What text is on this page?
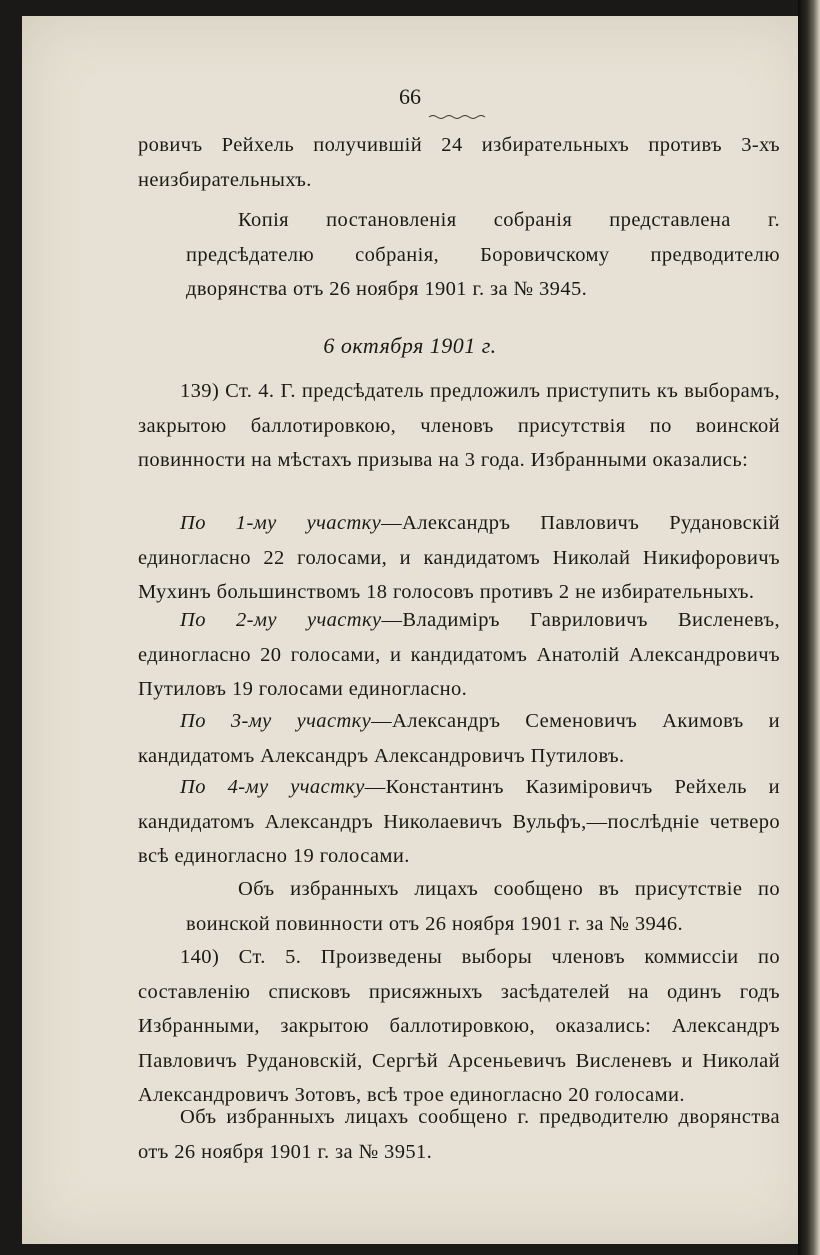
66

ровичъ Рейхель получившій 24 избирательныхъ противъ 3-хъ неизбирательныхъ.

Копія постановленія собранія представлена г. предсѣдателю собранія, Боровичскому предводителю дворянства отъ 26 ноября 1901 г. за № 3945.

6 октября 1901 г.

139) Ст. 4. Г. предсѣдатель предложилъ приступить къ выборамъ, закрытою баллотировкою, членовъ присутствія по воинской повинности на мѣстахъ призыва на 3 года. Избранными оказались:

По 1-му участку—Александръ Павловичъ Рудановскій единогласно 22 голосами, и кандидатомъ Николай Никифоровичъ Мухинъ большинствомъ 18 голосовъ противъ 2 не избирательныхъ.

По 2-му участку—Владиміръ Гавриловичъ Висленевъ, единогласно 20 голосами, и кандидатомъ Анатолій Александровичъ Путиловъ 19 голосами единогласно.

По 3-му участку—Александръ Семеновичъ Акимовъ и кандидатомъ Александръ Александровичъ Путиловъ.

По 4-му участку—Константинъ Казиміровичъ Рейхель и кандидатомъ Александръ Николаевичъ Вульфъ,—послѣдніе четверо всѣ единогласно 19 голосами.

Объ избранныхъ лицахъ сообщено въ присутствіе по воинской повинности отъ 26 ноября 1901 г. за № 3946.

140) Ст. 5. Произведены выборы членовъ коммиссіи по составленію списковъ присяжныхъ засѣдателей на одинъ годъ Избранными, закрытою баллотировкою, оказались: Александръ Павловичъ Рудановскій, Сергѣй Арсеньевичъ Висленевъ и Николай Александровичъ Зотовъ, всѣ трое единогласно 20 голосами.

Объ избранныхъ лицахъ сообщено г. предводителю дворянства отъ 26 ноября 1901 г. за № 3951.
